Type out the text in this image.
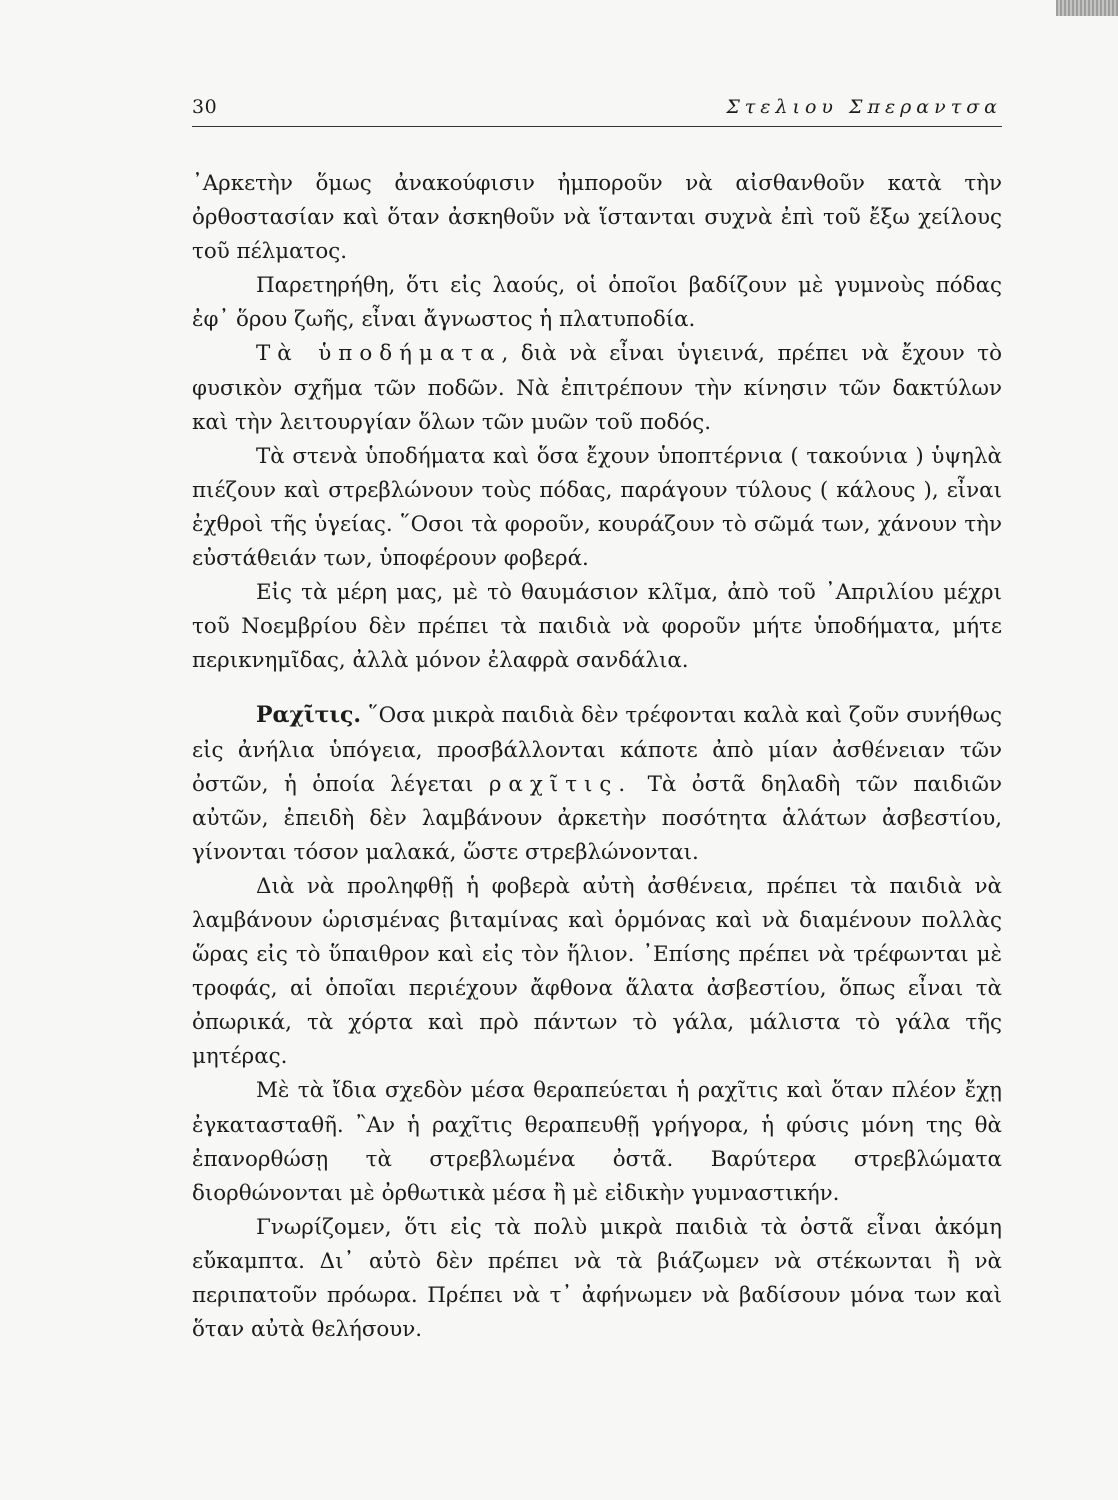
30	Στελιου Σπεραντσα

᾿Αρκετὴν ὅμως ἀνακούφισιν ἠμποροῦν νὰ αἰσθανθοῦν κατὰ τὴν ὀρθοστασίαν καὶ ὅταν ἀσκηθοῦν νὰ ἵστανται συχνὰ ἐπὶ τοῦ ἔξω χείλους τοῦ πέλματος.

Παρετηρήθη, ὅτι εἰς λαούς, οἱ ὁποῖοι βαδίζουν μὲ γυμνοὺς πόδας ἐφ᾿ ὅρου ζωῆς, εἶναι ἄγνωστος ἡ πλατυποδία.

Τὰ ὑποδήματα, διὰ νὰ εἶναι ὑγιεινά, πρέπει νὰ ἔχουν τὸ φυσικὸν σχῆμα τῶν ποδῶν. Νὰ ἐπιτρέπουν τὴν κίνησιν τῶν δακτύλων καὶ τὴν λειτουργίαν ὅλων τῶν μυῶν τοῦ ποδός.

Τὰ στενὰ ὑποδήματα καὶ ὅσα ἔχουν ὑποπτέρνια ( τακούνια ) ὑψηλὰ πιέζουν καὶ στρεβλώνουν τοὺς πόδας, παράγουν τύλους ( κάλους ), εἶναι ἐχθροὶ τῆς ὑγείας. ῞Οσοι τὰ φοροῦν, κουράζουν τὸ σῶμά των, χάνουν τὴν εὐστάθειάν των, ὑποφέρουν φοβερά.

Εἰς τὰ μέρη μας, μὲ τὸ θαυμάσιον κλῖμα, ἀπὸ τοῦ ᾿Απριλίου μέχρι τοῦ Νοεμβρίου δὲν πρέπει τὰ παιδιὰ νὰ φοροῦν μήτε ὑποδήματα, μήτε περικνημῖδας, ἀλλὰ μόνον ἐλαφρὰ σανδάλια.

Ραχῖτις. ῞Οσα μικρὰ παιδιὰ δὲν τρέφονται καλὰ καὶ ζοῦν συνήθως εἰς ἀνήλια ὑπόγεια, προσβάλλονται κάποτε ἀπὸ μίαν ἀσθένειαν τῶν ὀστῶν, ἡ ὁποία λέγεται ραχῖτις. Τὰ ὀστᾶ δηλαδὴ τῶν παιδιῶν αὐτῶν, ἐπειδὴ δὲν λαμβάνουν ἀρκετὴν ποσότητα ἁλάτων ἀσβεστίου, γίνονται τόσον μαλακά, ὥστε στρεβλώνονται.

Διὰ νὰ προληφθῇ ἡ φοβερὰ αὐτὴ ἀσθένεια, πρέπει τὰ παιδιὰ νὰ λαμβάνουν ὡρισμένας βιταμίνας καὶ ὁρμόνας καὶ νὰ διαμένουν πολλὰς ὥρας εἰς τὸ ὕπαιθρον καὶ εἰς τὸν ἥλιον. ᾿Επίσης πρέπει νὰ τρέφωνται μὲ τροφάς, αἱ ὁποῖαι περιέχουν ἄφθονα ἅλατα ἀσβεστίου, ὅπως εἶναι τὰ ὀπωρικά, τὰ χόρτα καὶ πρὸ πάντων τὸ γάλα, μάλιστα τὸ γάλα τῆς μητέρας.

Μὲ τὰ ἴδια σχεδὸν μέσα θεραπεύεται ἡ ραχῖτις καὶ ὅταν πλέον ἔχῃ ἐγκατασταθῆ. ῍Αν ἡ ραχῖτις θεραπευθῇ γρήγορα, ἡ φύσις μόνη της θὰ ἐπανορθώσῃ τὰ στρεβλωμένα ὀστᾶ. Βαρύτερα στρεβλώματα διορθώνονται μὲ ὀρθωτικὰ μέσα ἢ μὲ εἰδικὴν γυμναστικήν.

Γνωρίζομεν, ὅτι εἰς τὰ πολὺ μικρὰ παιδιὰ τὰ ὀστᾶ εἶναι ἀκόμη εὔκαμπτα. Δι᾿ αὐτὸ δὲν πρέπει νὰ τὰ βιάζωμεν νὰ στέκωνται ἢ νὰ περιπατοῦν πρόωρα. Πρέπει νὰ τ᾿ ἀφήνωμεν νὰ βαδίσουν μόνα των καὶ ὅταν αὐτὰ θελήσουν.
